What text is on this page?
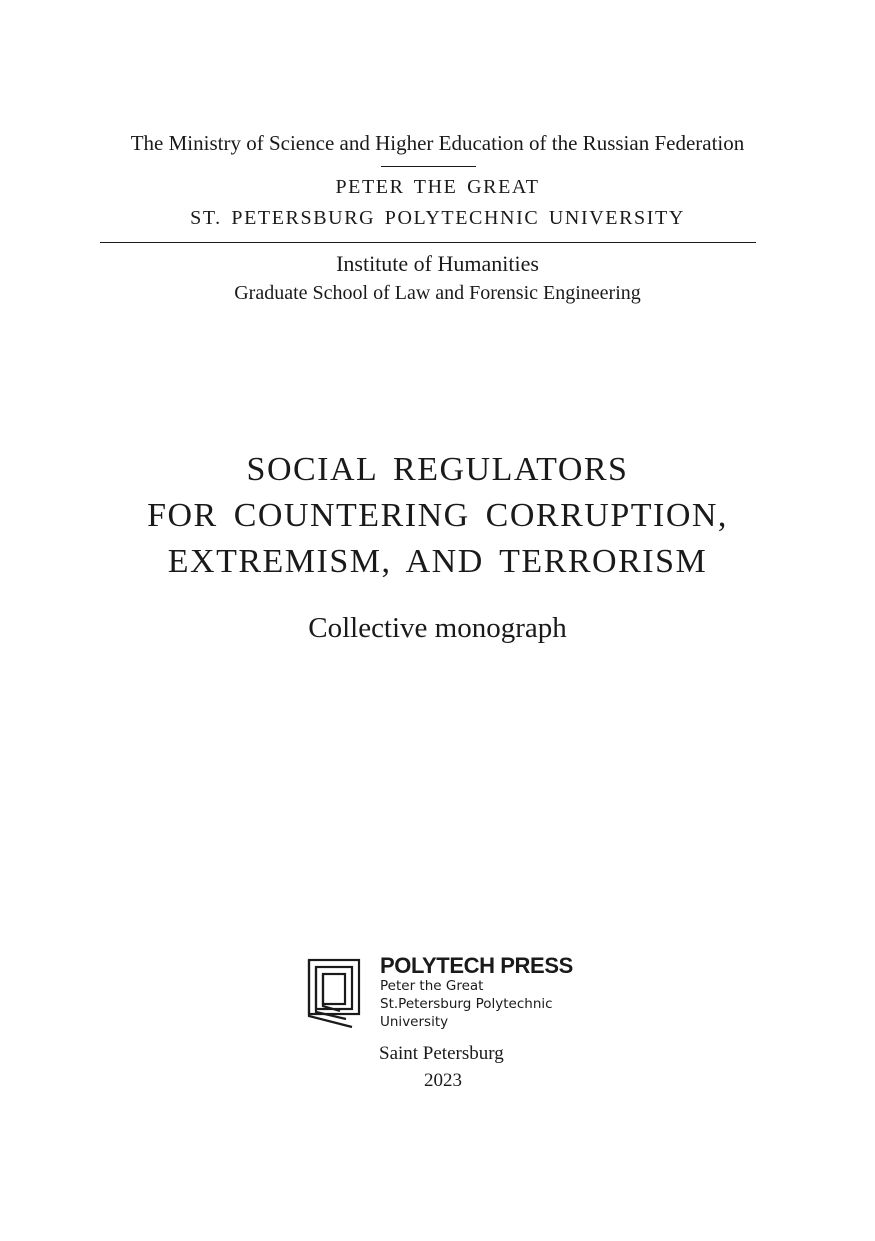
The Ministry of Science and Higher Education of the Russian Federation
PETER THE GREAT
ST. PETERSBURG POLYTECHNIC UNIVERSITY
Institute of Humanities
Graduate School of Law and Forensic Engineering
SOCIAL REGULATORS
FOR COUNTERING CORRUPTION,
EXTREMISM, AND TERRORISM
Collective monograph
POLYTECH PRESS
Peter the Great
St.Petersburg Polytechnic
University
Saint Petersburg
2023
